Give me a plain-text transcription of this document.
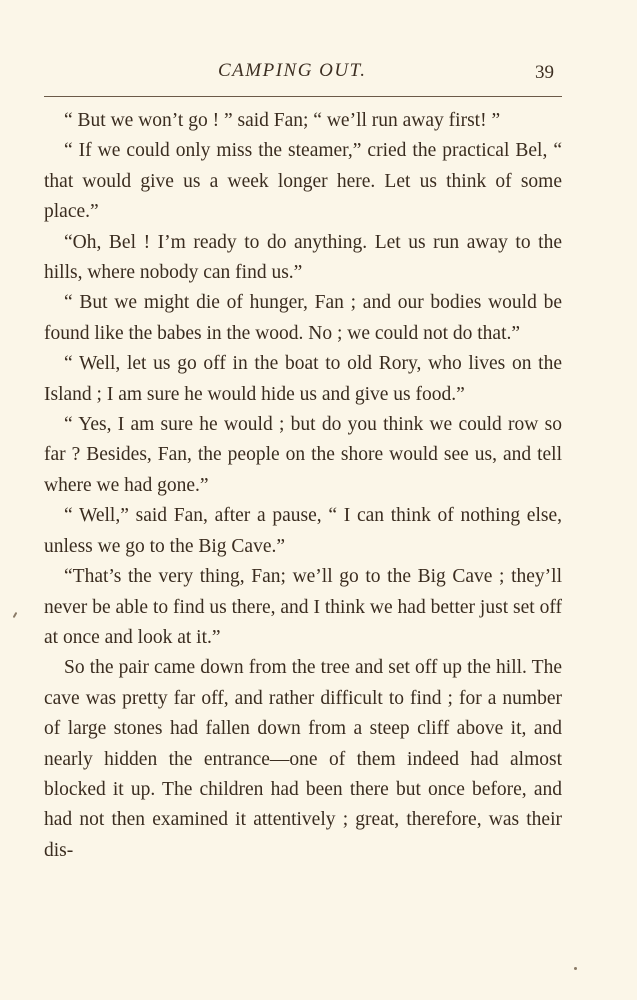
CAMPING OUT.	39

“ But we won’t go ! ” said Fan; “ we’ll run away first! ”

“ If we could only miss the steamer,” cried the practical Bel, “ that would give us a week longer here. Let us think of some place.”

“Oh, Bel ! I’m ready to do anything. Let us run away to the hills, where nobody can find us.”

“ But we might die of hunger, Fan ; and our bodies would be found like the babes in the wood. No ; we could not do that.”

“ Well, let us go off in the boat to old Rory, who lives on the Island ; I am sure he would hide us and give us food.”

“ Yes, I am sure he would ; but do you think we could row so far ? Besides, Fan, the people on the shore would see us, and tell where we had gone.”

“ Well,” said Fan, after a pause, “ I can think of nothing else, unless we go to the Big Cave.”

“That’s the very thing, Fan; we’ll go to the Big Cave ; they’ll never be able to find us there, and I think we had better just set off at once and look at it.”

So the pair came down from the tree and set off up the hill. The cave was pretty far off, and rather difficult to find ; for a number of large stones had fallen down from a steep cliff above it, and nearly hidden the entrance—one of them indeed had almost blocked it up. The children had been there but once before, and had not then examined it attentively ; great, therefore, was their dis-
